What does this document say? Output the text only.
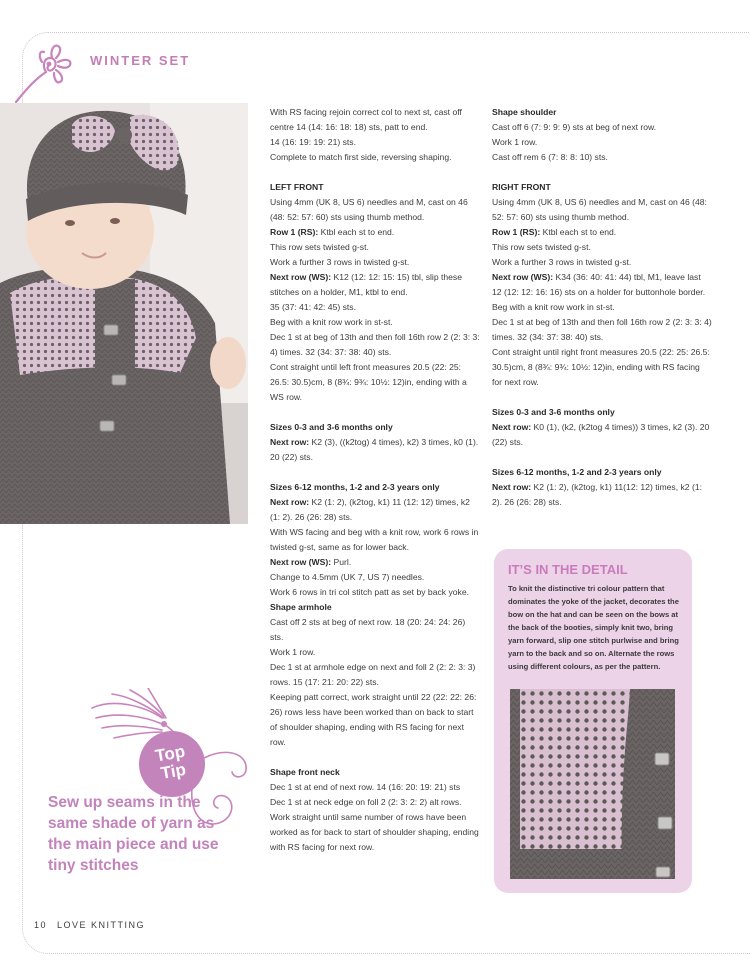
WINTER SET

With RS facing rejoin correct col to next st, cast off centre 14 (14: 16: 18: 18) sts, patt to end.

14 (16: 19: 19: 21) sts.

Complete to match first side, reversing shaping.

LEFT FRONT

Using 4mm (UK 8, US 6) needles and M, cast on 46 (48: 52: 57: 60) sts using thumb method.

Row 1 (RS): Ktbl each st to end.

This row sets twisted g-st.

Work a further 3 rows in twisted g-st.

Next row (WS): K12 (12: 12: 15: 15) tbl, slip these stitches on a holder, M1, ktbl to end.

35 (37: 41: 42: 45) sts.

Beg with a knit row work in st-st.

Dec 1 st at beg of 13th and then foll 16th row 2 (2: 3: 3: 4) times. 32 (34: 37: 38: 40) sts.

Cont straight until left front measures 20.5 (22: 25: 26.5: 30.5)cm, 8 (8¾: 9¾: 10½: 12)in, ending with a WS row.

Sizes 0-3 and 3-6 months only

Next row: K2 (3), ((k2tog) 4 times), k2) 3 times, k0 (1). 20 (22) sts.

Sizes 6-12 months, 1-2 and 2-3 years only

Next row: K2 (1: 2), (k2tog, k1) 11 (12: 12) times, k2 (1: 2). 26 (26: 28) sts.

With WS facing and beg with a knit row, work 6 rows in twisted g-st, same as for lower back.

Next row (WS): Purl.

Change to 4.5mm (UK 7, US 7) needles.

Work 6 rows in tri col stitch patt as set by back yoke.

Shape armhole

Cast off 2 sts at beg of next row. 18 (20: 24: 24: 26) sts.

Work 1 row.

Dec 1 st at armhole edge on next and foll 2 (2: 2: 3: 3) rows. 15 (17: 21: 20: 22) sts.

Keeping patt correct, work straight until 22 (22: 22: 26: 26) rows less have been worked than on back to start of shoulder shaping, ending with RS facing for next row.

Shape front neck

Dec 1 st at end of next row. 14 (16: 20: 19: 21) sts

Dec 1 st at neck edge on foll 2 (2: 3: 2: 2) alt rows.

Work straight until same number of rows have been worked as for back to start of shoulder shaping, ending with RS facing for next row.

Shape shoulder

Cast off 6 (7: 9: 9: 9) sts at beg of next row.

Work 1 row.

Cast off rem 6 (7: 8: 8: 10) sts.

RIGHT FRONT

Using 4mm (UK 8, US 6) needles and M, cast on 46 (48: 52: 57: 60) sts using thumb method.

Row 1 (RS): Ktbl each st to end.

This row sets twisted g-st.

Work a further 3 rows in twisted g-st.

Next row (WS): K34 (36: 40: 41: 44) tbl, M1, leave last 12 (12: 12: 16: 16) sts on a holder for buttonhole border.

Beg with a knit row work in st-st.

Dec 1 st at beg of 13th and then foll 16th row 2 (2: 3: 3: 4) times. 32 (34: 37: 38: 40) sts.

Cont straight until right front measures 20.5 (22: 25: 26.5: 30.5)cm, 8 (8¾: 9¾: 10½: 12)in, ending with RS facing for next row.

Sizes 0-3 and 3-6 months only

Next row: K0 (1), (k2, (k2tog 4 times)) 3 times, k2 (3). 20 (22) sts.

Sizes 6-12 months, 1-2 and 2-3 years only

Next row: K2 (1: 2), (k2tog, k1) 11(12: 12) times, k2 (1: 2). 26 (26: 28) sts.

IT’S IN THE DETAIL
To knit the distinctive tri colour pattern that dominates the yoke of the jacket, decorates the bow on the hat and can be seen on the bows at the back of the booties, simply knit two, bring yarn forward, slip one stitch purlwise and bring yarn to the back and so on. Alternate the rows using different colours, as per the pattern.
Top
Tip
Sew up seams in the same shade of yarn as the main piece and use tiny stitches
10 LOVE KNITTING
